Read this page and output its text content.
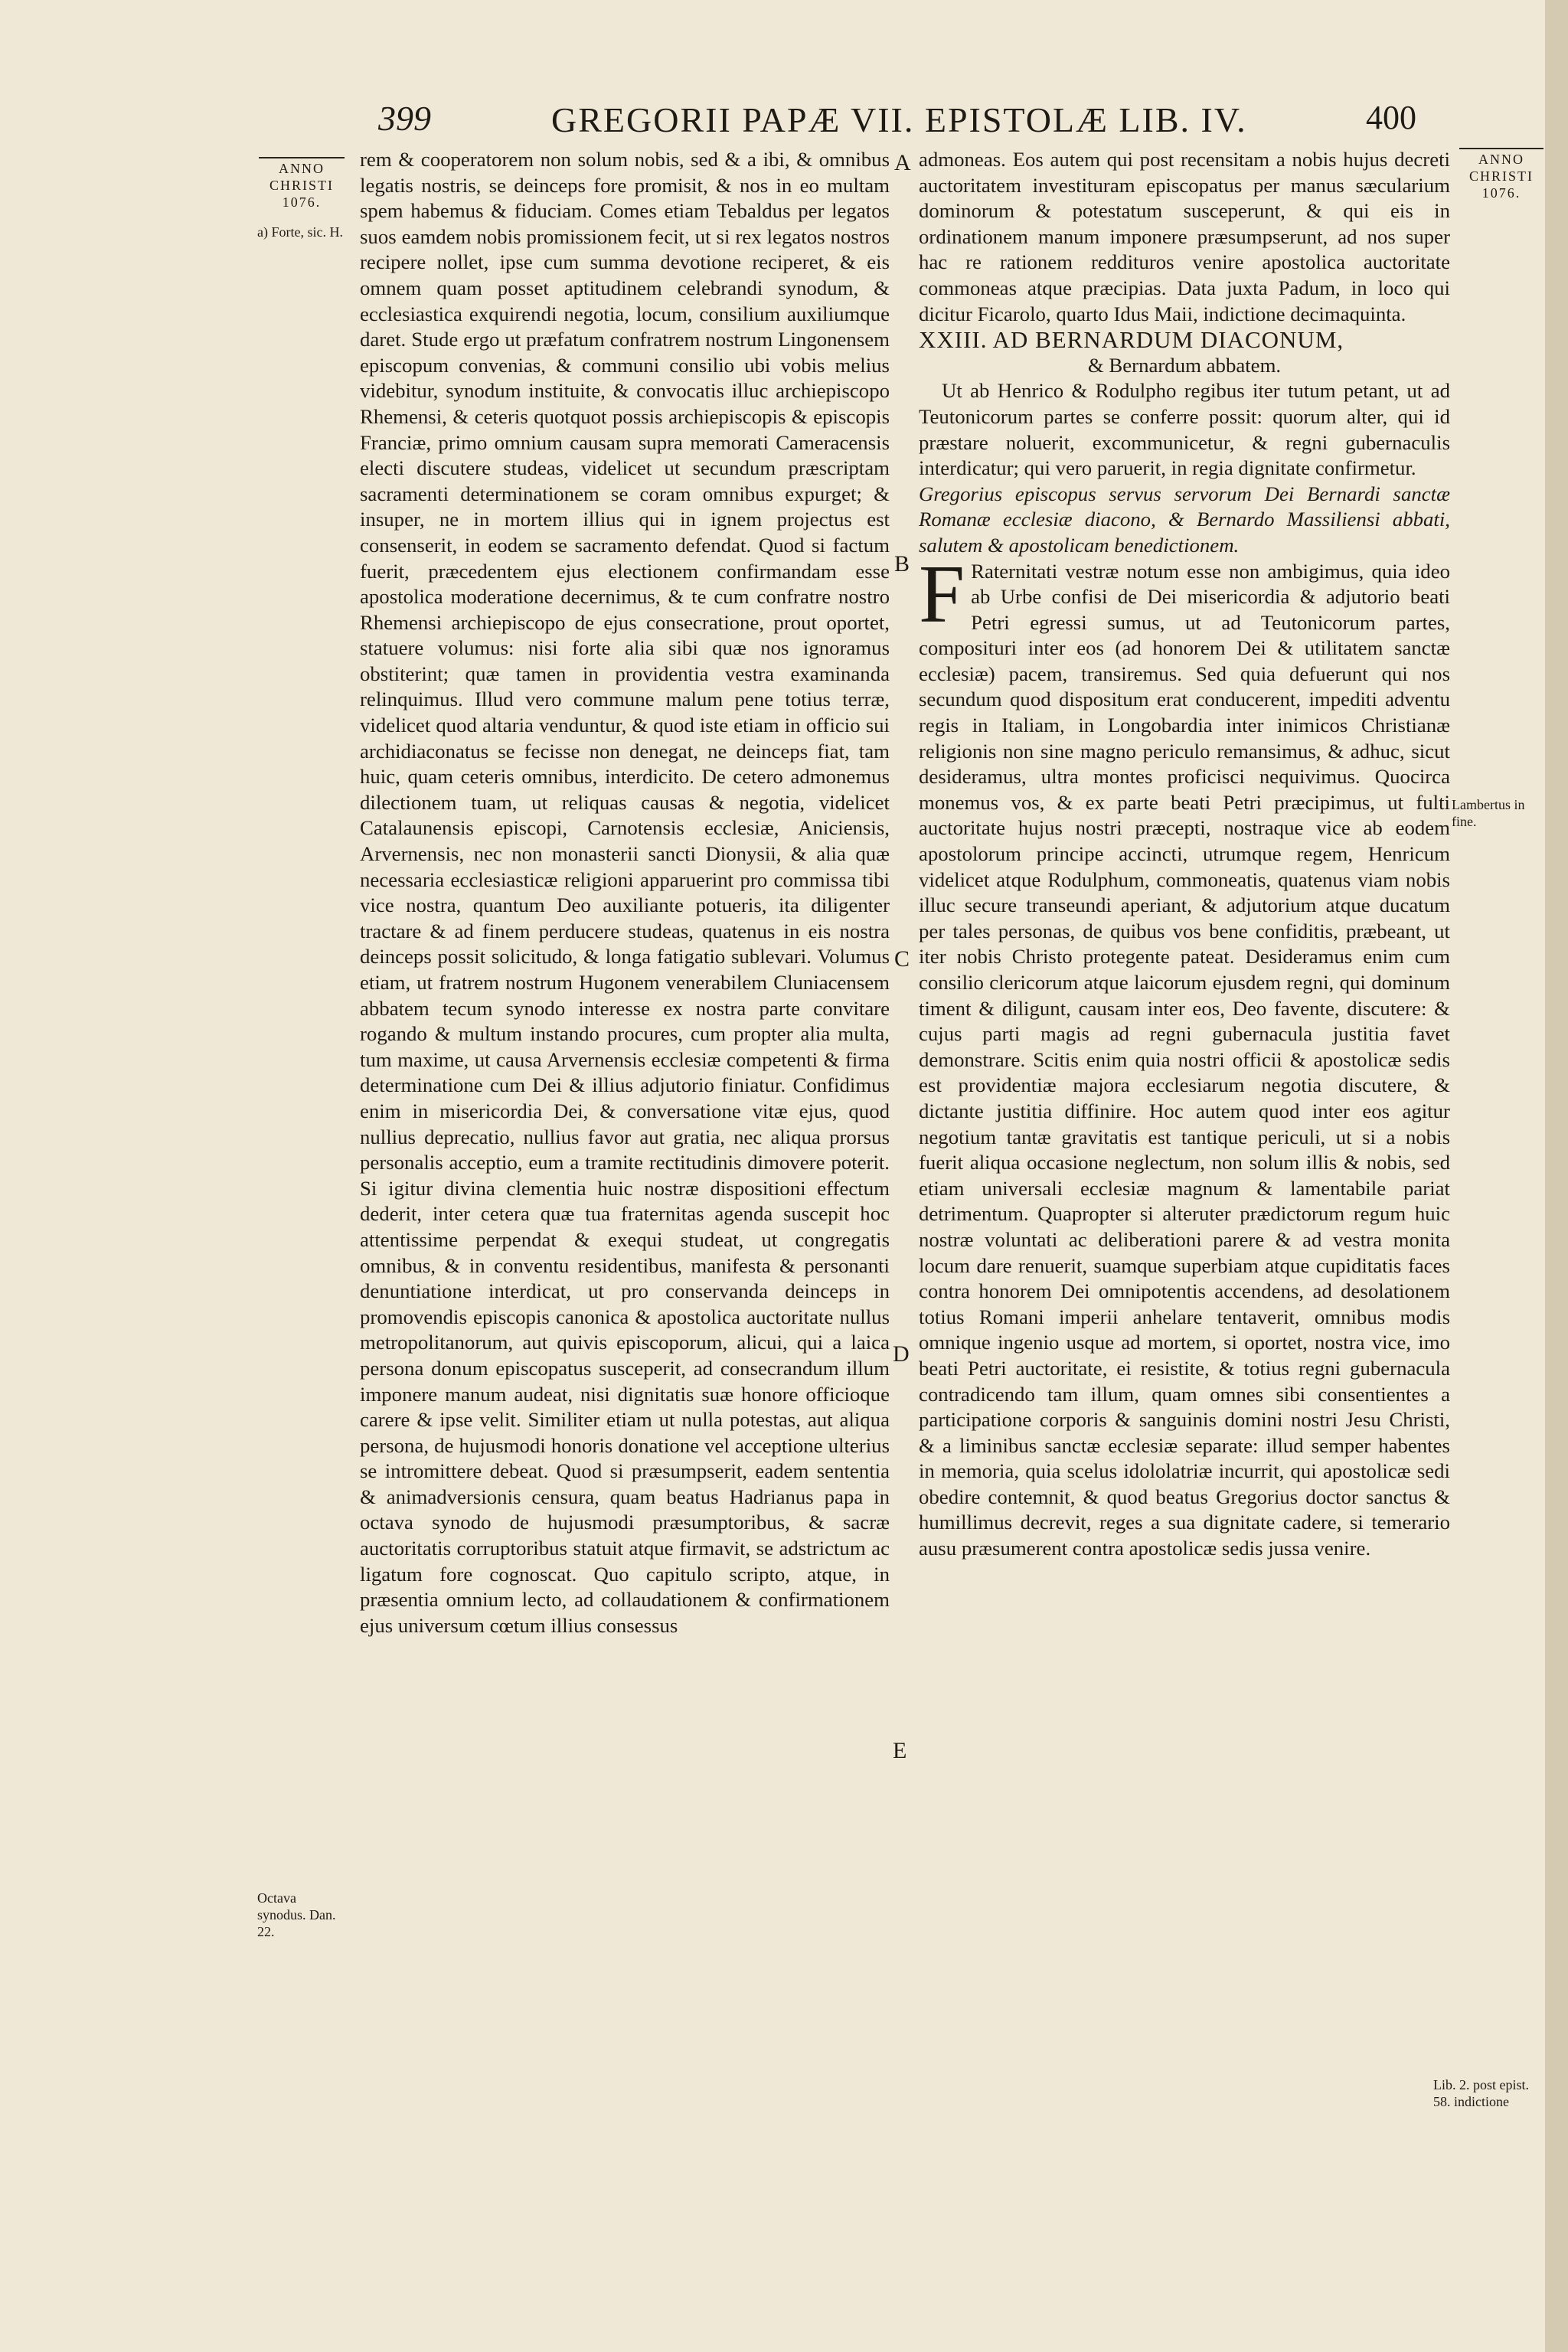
399	GREGORII PAPÆ VII. EPISTOLÆ LIB. IV.	400
ANNO
CHRISTI
1076.
a) Forte, sic. H.
Octava synodus. Dan. 22.
ANNO
CHRISTI
1076.
Lambertus in fine.
Lib. 2. post epist. 58. indictione
A
B
C
D
E

rem & cooperatorem non solum nobis, sed & a ibi, & omnibus legatis nostris, se deinceps fore promisit, & nos in eo multam spem habemus & fiduciam. Comes etiam Tebaldus per legatos suos eamdem nobis promissionem fecit, ut si rex legatos nostros recipere nollet, ipse cum summa devotione reciperet, & eis omnem quam posset aptitudinem celebrandi synodum, & ecclesiastica exquirendi negotia, locum, consilium auxiliumque daret. Stude ergo ut præfatum confratrem nostrum Lingonensem episcopum convenias, & communi consilio ubi vobis melius videbitur, synodum instituite, & convocatis illuc archiepiscopo Rhemensi, & ceteris quotquot possis archiepiscopis & episcopis Franciæ, primo omnium causam supra memorati Cameracensis electi discutere studeas, videlicet ut secundum præscriptam sacramenti determinationem se coram omnibus expurget; & insuper, ne in mortem illius qui in ignem projectus est consenserit, in eodem se sacramento defendat. Quod si factum fuerit, præcedentem ejus electionem confirmandam esse apostolica moderatione decernimus, & te cum confratre nostro Rhemensi archiepiscopo de ejus consecratione, prout oportet, statuere volumus: nisi forte alia sibi quæ nos ignoramus obstiterint; quæ tamen in providentia vestra examinanda relinquimus. Illud vero commune malum pene totius terræ, videlicet quod altaria venduntur, & quod iste etiam in officio sui archidiaconatus se fecisse non denegat, ne deinceps fiat, tam huic, quam ceteris omnibus, interdicito. De cetero admonemus dilectionem tuam, ut reliquas causas & negotia, videlicet Catalaunensis episcopi, Carnotensis ecclesiæ, Aniciensis, Arvernensis, nec non monasterii sancti Dionysii, & alia quæ necessaria ecclesiasticæ religioni apparuerint pro commissa tibi vice nostra, quantum Deo auxiliante potueris, ita diligenter tractare & ad finem perducere studeas, quatenus in eis nostra deinceps possit solicitudo, & longa fatigatio sublevari. Volumus etiam, ut fratrem nostrum Hugonem venerabilem Cluniacensem abbatem tecum synodo interesse ex nostra parte convitare rogando & multum instando procures, cum propter alia multa, tum maxime, ut causa Arvernensis ecclesiæ competenti & firma determinatione cum Dei & illius adjutorio finiatur. Confidimus enim in misericordia Dei, & conversatione vitæ ejus, quod nullius deprecatio, nullius favor aut gratia, nec aliqua prorsus personalis acceptio, eum a tramite rectitudinis dimovere poterit. Si igitur divina clementia huic nostræ dispositioni effectum dederit, inter cetera quæ tua fraternitas agenda suscepit hoc attentissime perpendat & exequi studeat, ut congregatis omnibus, & in conventu residentibus, manifesta & personanti denuntiatione interdicat, ut pro conservanda deinceps in promovendis episcopis canonica & apostolica auctoritate nullus metropolitanorum, aut quivis episcoporum, alicui, qui a laica persona donum episcopatus susceperit, ad consecrandum illum imponere manum audeat, nisi dignitatis suæ honore officioque carere & ipse velit. Similiter etiam ut nulla potestas, aut aliqua persona, de hujusmodi honoris donatione vel acceptione ulterius se intromittere debeat. Quod si præsumpserit, eadem sententia & animadversionis censura, quam beatus Hadrianus papa in octava synodo de hujusmodi præsumptoribus, & sacræ auctoritatis corruptoribus statuit atque firmavit, se adstrictum ac ligatum fore cognoscat. Quo capitulo scripto, atque, in præsentia omnium lecto, ad collaudationem & confirmationem ejus universum cœtum illius consessus

admoneas. Eos autem qui post recensitam a nobis hujus decreti auctoritatem investituram episcopatus per manus sæcularium dominorum & potestatum susceperunt, & qui eis in ordinationem manum imponere præsumpserunt, ad nos super hac re rationem reddituros venire apostolica auctoritate commoneas atque præcipias. Data juxta Padum, in loco qui dicitur Ficarolo, quarto Idus Maii, indictione decimaquinta.

XXIII. AD BERNARDUM DIACONUM,

& Bernardum abbatem.

Ut ab Henrico & Rodulpho regibus iter tutum petant, ut ad Teutonicorum partes se conferre possit: quorum alter, qui id præstare noluerit, excommunicetur, & regni gubernaculis interdicatur; qui vero paruerit, in regia dignitate confirmetur.

Gregorius episcopus servus servorum Dei Bernardi sanctæ Romanæ ecclesiæ diacono, & Bernardo Massiliensi abbati, salutem & apostolicam benedictionem.

F Raternitati vestræ notum esse non ambigimus, quia ideo ab Urbe confisi de Dei misericordia & adjutorio beati Petri egressi sumus, ut ad Teutonicorum partes, composituri inter eos (ad honorem Dei & utilitatem sanctæ ecclesiæ) pacem, transiremus. Sed quia defuerunt qui nos secundum quod dispositum erat conducerent, impediti adventu regis in Italiam, in Longobardia inter inimicos Christianæ religionis non sine magno periculo remansimus, & adhuc, sicut desideramus, ultra montes proficisci nequivimus. Quocirca monemus vos, & ex parte beati Petri præcipimus, ut fulti auctoritate hujus nostri præcepti, nostraque vice ab eodem apostolorum principe accincti, utrumque regem, Henricum videlicet atque Rodulphum, commoneatis, quatenus viam nobis illuc secure transeundi aperiant, & adjutorium atque ducatum per tales personas, de quibus vos bene confiditis, præbeant, ut iter nobis Christo protegente pateat. Desideramus enim cum consilio clericorum atque laicorum ejusdem regni, qui dominum timent & diligunt, causam inter eos, Deo favente, discutere: & cujus parti magis ad regni gubernacula justitia favet demonstrare. Scitis enim quia nostri officii & apostolicæ sedis est providentiæ majora ecclesiarum negotia discutere, & dictante justitia diffinire. Hoc autem quod inter eos agitur negotium tantæ gravitatis est tantique periculi, ut si a nobis fuerit aliqua occasione neglectum, non solum illis & nobis, sed etiam universali ecclesiæ magnum & lamentabile pariat detrimentum. Quapropter si alteruter prædictorum regum huic nostræ voluntati ac deliberationi parere & ad vestra monita locum dare renuerit, suamque superbiam atque cupiditatis faces contra honorem Dei omnipotentis accendens, ad desolationem totius Romani imperii anhelare tentaverit, omnibus modis omnique ingenio usque ad mortem, si oportet, nostra vice, imo beati Petri auctoritate, ei resistite, & totius regni gubernacula contradicendo tam illum, quam omnes sibi consentientes a participatione corporis & sanguinis domini nostri Jesu Christi, & a liminibus sanctæ ecclesiæ separate: illud semper habentes in memoria, quia scelus idololatriæ incurrit, qui apostolicæ sedi obedire contemnit, & quod beatus Gregorius doctor sanctus & humillimus decrevit, reges a sua dignitate cadere, si temerario ausu præsumerent contra apostolicæ sedis jussa venire.
